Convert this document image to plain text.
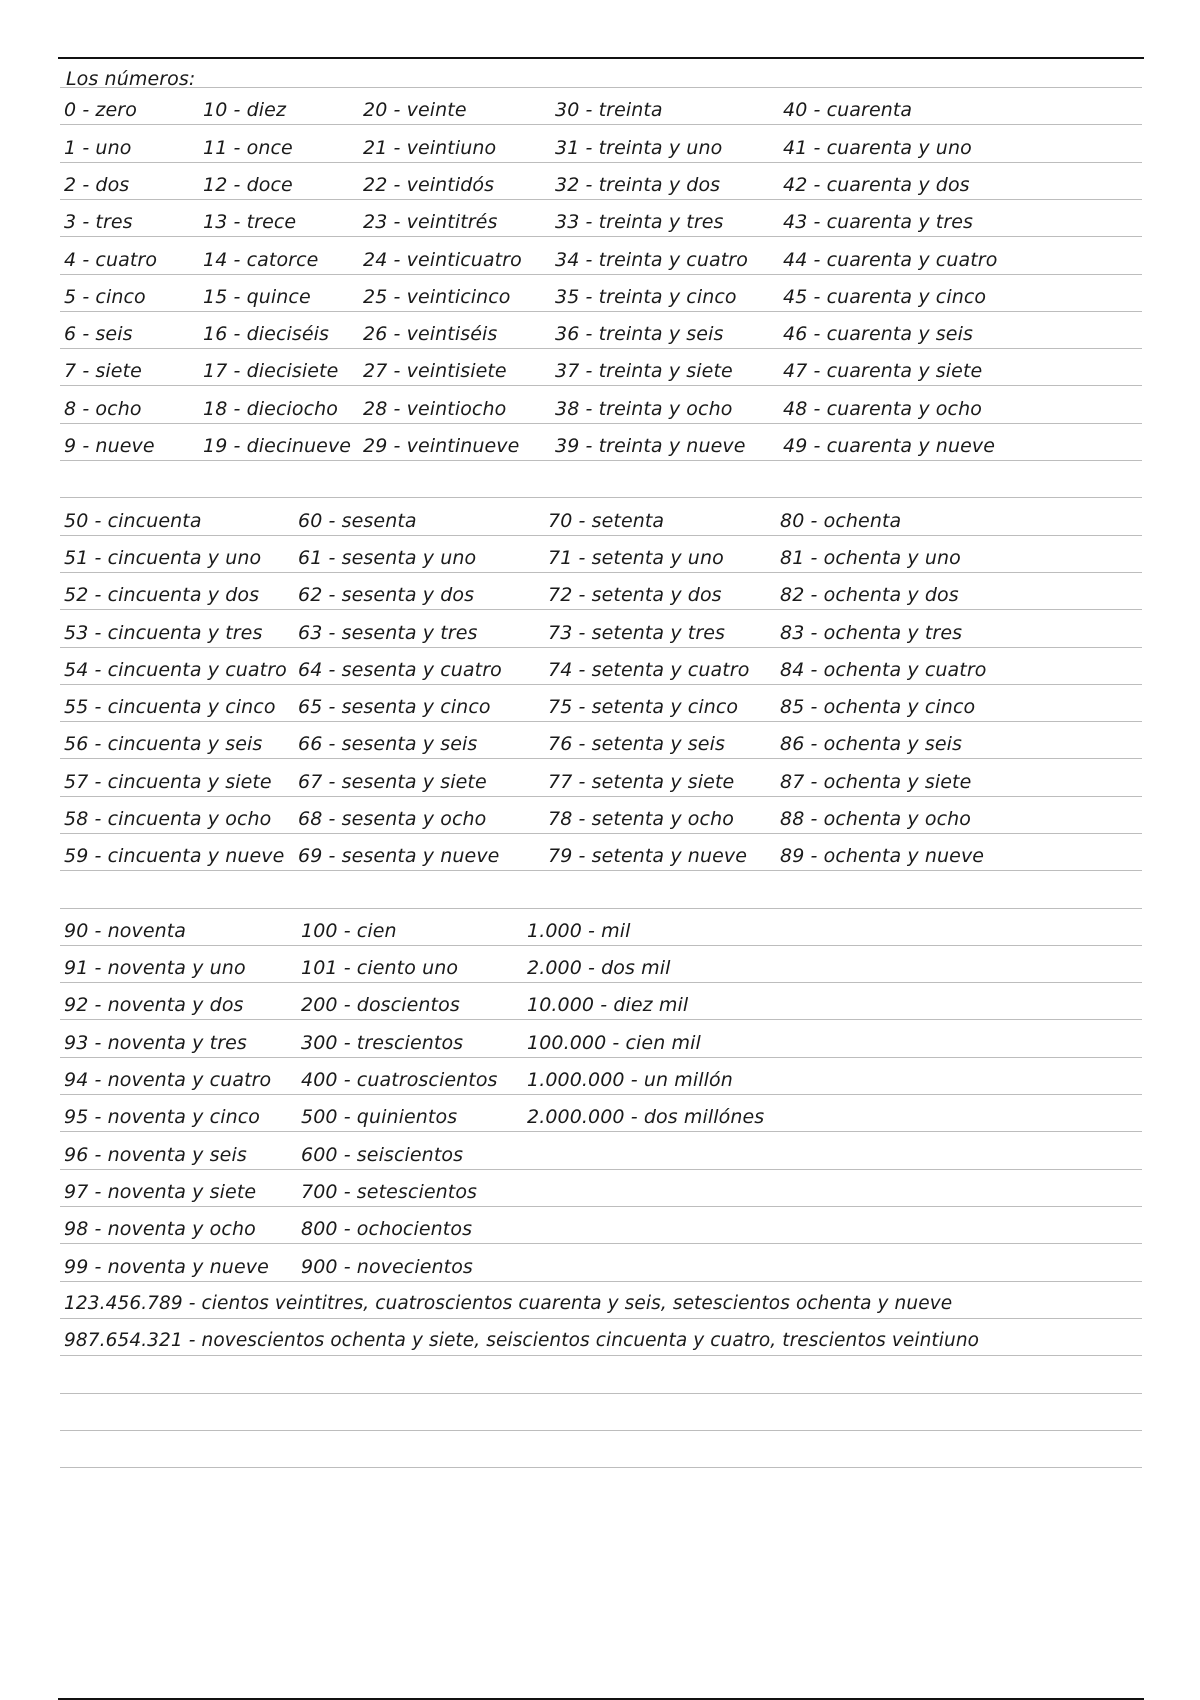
Los números:
0 - zero
1 - uno
2 - dos
3 - tres
4 - cuatro
5 - cinco
6 - seis
7 - siete
8 - ocho
9 - nueve
10 - diez
11 - once
12 - doce
13 - trece
14 - catorce
15 - quince
16 - dieciséis
17 - diecisiete
18 - dieciocho
19 - diecinueve
20 - veinte
21 - veintiuno
22 - veintidós
23 - veintitrés
24 - veinticuatro
25 - veinticinco
26 - veintiséis
27 - veintisiete
28 - veintiocho
29 - veintinueve
30 - treinta
31 - treinta y uno
32 - treinta y dos
33 - treinta y tres
34 - treinta y cuatro
35 - treinta y cinco
36 - treinta y seis
37 - treinta y siete
38 - treinta y ocho
39 - treinta y nueve
40 - cuarenta
41 - cuarenta y uno
42 - cuarenta y dos
43 - cuarenta y tres
44 - cuarenta y cuatro
45 - cuarenta y cinco
46 - cuarenta y seis
47 - cuarenta y siete
48 - cuarenta y ocho
49 - cuarenta y nueve
50 - cincuenta
51 - cincuenta y uno
52 - cincuenta y dos
53 - cincuenta y tres
54 - cincuenta y cuatro
55 - cincuenta y cinco
56 - cincuenta y seis
57 - cincuenta y siete
58 - cincuenta y ocho
59 - cincuenta y nueve
60 - sesenta
61 - sesenta y uno
62 - sesenta y dos
63 - sesenta y tres
64 - sesenta y cuatro
65 - sesenta y cinco
66 - sesenta y seis
67 - sesenta y siete
68 - sesenta y ocho
69 - sesenta y nueve
70 - setenta
71 - setenta y uno
72 - setenta y dos
73 - setenta y tres
74 - setenta y cuatro
75 - setenta y cinco
76 - setenta y seis
77 - setenta y siete
78 - setenta y ocho
79 - setenta y nueve
80 - ochenta
81 - ochenta y uno
82 - ochenta y dos
83 - ochenta y tres
84 - ochenta y cuatro
85 - ochenta y cinco
86 - ochenta y seis
87 - ochenta y siete
88 - ochenta y ocho
89 - ochenta y nueve
90 - noventa
91 - noventa y uno
92 - noventa y dos
93 - noventa y tres
94 - noventa y cuatro
95 - noventa y cinco
96 - noventa y seis
97 - noventa y siete
98 - noventa y ocho
99 - noventa y nueve
100 - cien
101 - ciento uno
200 - doscientos
300 - trescientos
400 - cuatroscientos
500 - quinientos
600 - seiscientos
700 - setescientos
800 - ochocientos
900 - novecientos
1.000 - mil
2.000 - dos mil
10.000 - diez mil
100.000 - cien mil
1.000.000 - un millón
2.000.000 - dos millónes
123.456.789 - cientos veintitres, cuatroscientos cuarenta y seis, setescientos ochenta y nueve
987.654.321 - novescientos ochenta y siete, seiscientos cincuenta y cuatro, trescientos veintiuno
